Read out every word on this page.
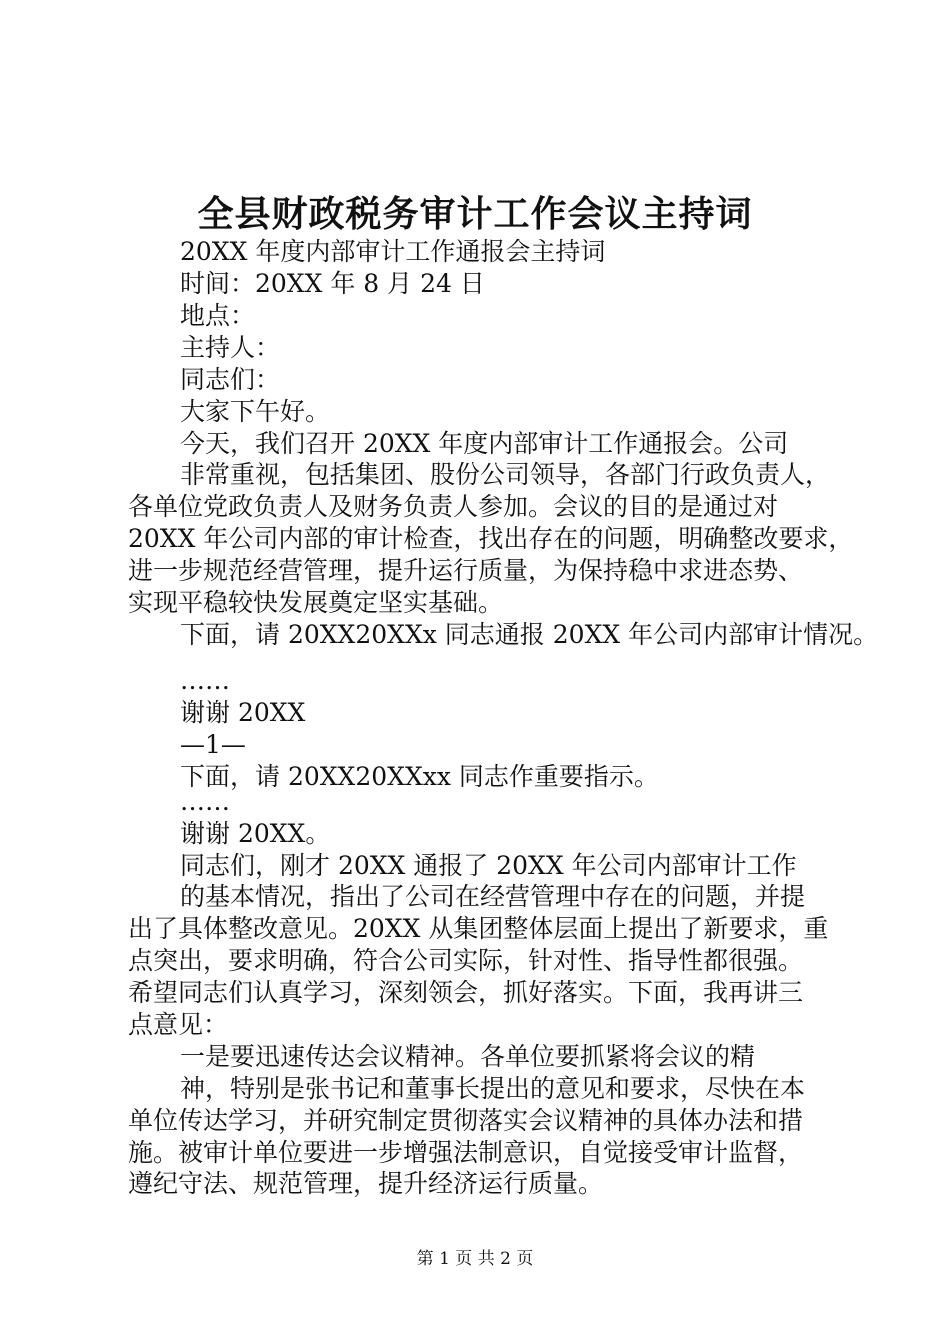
全县财政税务审计工作会议主持词
20XX 年度内部审计工作通报会主持词
时间：20XX 年 8 月 24 日
地点：
主持人：
同志们：
大家下午好。
今天，我们召开 20XX 年度内部审计工作通报会。公司
非常重视，包括集团、股份公司领导，各部门行政负责人，
各单位党政负责人及财务负责人参加。会议的目的是通过对
20XX 年公司内部的审计检查，找出存在的问题，明确整改要求，
进一步规范经营管理，提升运行质量，为保持稳中求进态势、
实现平稳较快发展奠定坚实基础。
下面，请 20XX20XXx 同志通报 20XX 年公司内部审计情况。
……
谢谢 20XX
—1—
下面，请 20XX20XXxx 同志作重要指示。
……
谢谢 20XX。
同志们，刚才 20XX 通报了 20XX 年公司内部审计工作
的基本情况，指出了公司在经营管理中存在的问题，并提
出了具体整改意见。20XX 从集团整体层面上提出了新要求，重
点突出，要求明确，符合公司实际，针对性、指导性都很强。
希望同志们认真学习，深刻领会，抓好落实。下面，我再讲三
点意见：
一是要迅速传达会议精神。各单位要抓紧将会议的精
神，特别是张书记和董事长提出的意见和要求，尽快在本
单位传达学习，并研究制定贯彻落实会议精神的具体办法和措
施。被审计单位要进一步增强法制意识，自觉接受审计监督，
遵纪守法、规范管理，提升经济运行质量。
第 1 页 共 2 页
